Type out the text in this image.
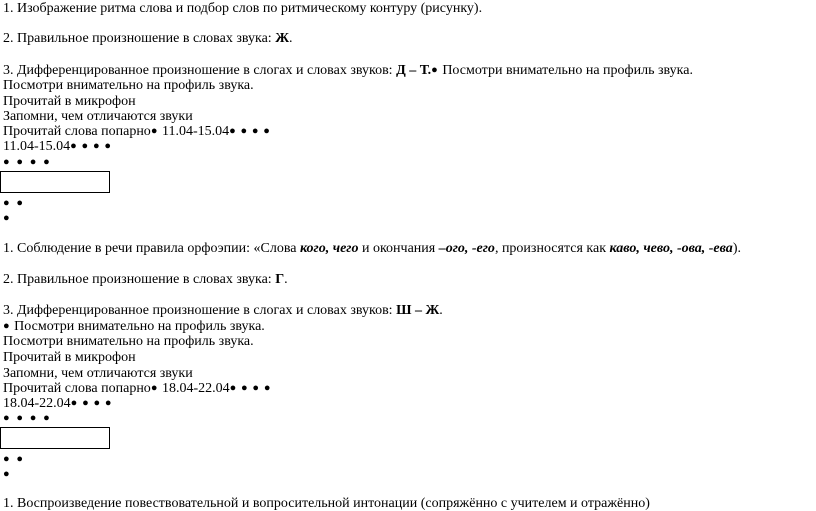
1. Изображение ритма слова и подбор слов по ритмическому контуру (рисунку).
2. Правильное произношение в словах звука: Ж.
3. Дифференцированное произношение в слогах и словах звуков: Д – Т.● Посмотри внимательно на профиль звука.
Посмотри внимательно на профиль звука.
Прочитай в микрофон
Запомни, чем отличаются звуки
Прочитай слова попарно● 11.04-15.04● ● ● ●
11.04-15.04● ● ● ●
● ● ● ●
● ●
●
1. Соблюдение в речи правила орфоэпии: «Слова кого, чего и окончания –ого, -его, произносятся как каво, чево, -ова, -ева).
2. Правильное произношение в словах звука: Г.
3. Дифференцированное произношение в слогах и словах звуков: Ш – Ж.
● Посмотри внимательно на профиль звука.
Посмотри внимательно на профиль звука.
Прочитай в микрофон
Запомни, чем отличаются звуки
Прочитай слова попарно● 18.04-22.04● ● ● ●
18.04-22.04● ● ● ●
● ● ● ●
● ●
●
1. Воспроизведение повествовательной и вопросительной интонации (сопряжённо с учителем и отражённо)
